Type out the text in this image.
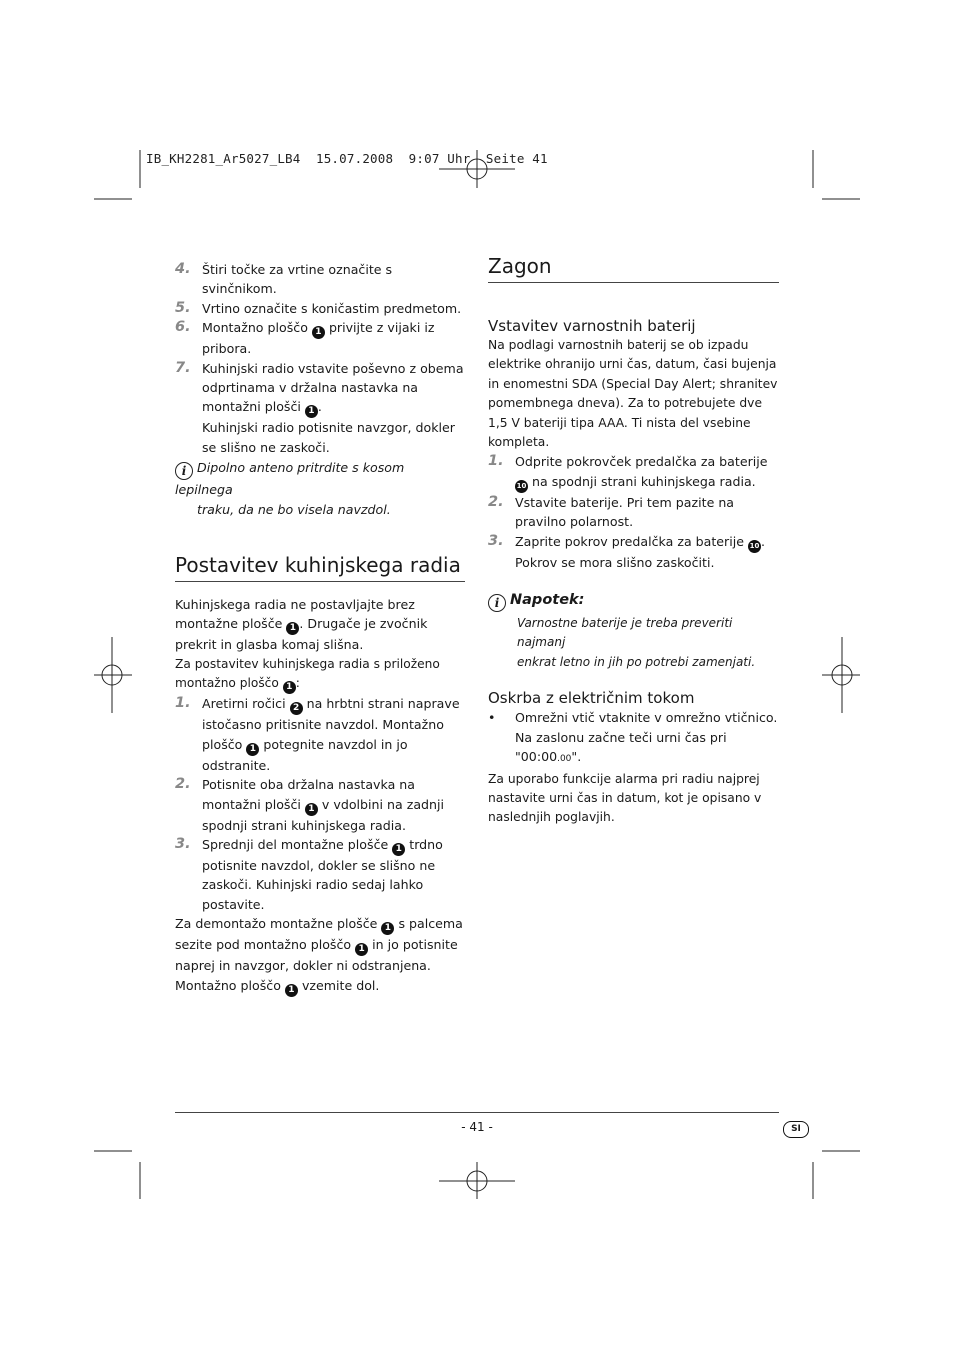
IB_KH2281_Ar5027_LB4  15.07.2008  9:07 Uhr  Seite 41
4. Štiri točke za vrtine označite s svinčnikom.
5. Vrtino označite s koničastim predmetom.
6. Montažno ploščo 1 privijte z vijaki iz pribora.
7. Kuhinjski radio vstavite poševno z obema odprtinama v držalna nastavka na montažni plošči 1 .
Kuhinjski radio potisnite navzgor, dokler se slišno ne zaskoči.
i Dipolno anteno pritrdite s kosom lepilnega
traku, da ne bo visela navzdol.
Postavitev kuhinjskega radia

Kuhinjskega radia ne postavljajte brez montažne plošče 1 . Drugače je zvočnik prekrit in glasba komaj slišna.

Za postavitev kuhinjskega radia s priloženo montažno ploščo 1 :

1. Aretirni ročici 2 na hrbtni strani naprave istočasno pritisnite navzdol. Montažno ploščo 1 potegnite navzdol in jo odstranite.
2. Potisnite oba držalna nastavka na montažni plošči 1 v vdolbini na zadnji spodnji strani kuhinjskega radia.
3. Sprednji del montažne plošče 1 trdno potisnite navzdol, dokler se slišno ne zaskoči. Kuhinjski radio sedaj lahko postavite.

Za demontažo montažne plošče 1 s palcema sezite pod montažno ploščo 1 in jo potisnite naprej in navzgor, dokler ni odstranjena. Montažno ploščo 1 vzemite dol.

Zagon
Vstavitev varnostnih baterij

Na podlagi varnostnih baterij se ob izpadu elektrike ohranijo urni čas, datum, časi bujenja in enomestni SDA (Special Day Alert; shranitev pomembnega dneva). Za to potrebujete dve 1,5 V bateriji tipa AAA. Ti nista del vsebine kompleta.

1. Odprite pokrovček predalčka za baterije 10 na spodnji strani kuhinjskega radia.
2. Vstavite baterije. Pri tem pazite na pravilno polarnost.
3. Zaprite pokrov predalčka za baterije 10 . Pokrov se mora slišno zaskočiti.
i Napotek:
Varnostne baterije je treba preveriti najmanj
enkrat letno in jih po potrebi zamenjati.
Oskrba z električnim tokom
• Omrežni vtič vtaknite v omrežno vtičnico.
Na zaslonu začne teči urni čas pri "00:00.00".

Za uporabo funkcije alarma pri radiu najprej nastavite urni čas in datum, kot je opisano v naslednjih poglavjih.

- 41 -	SI
